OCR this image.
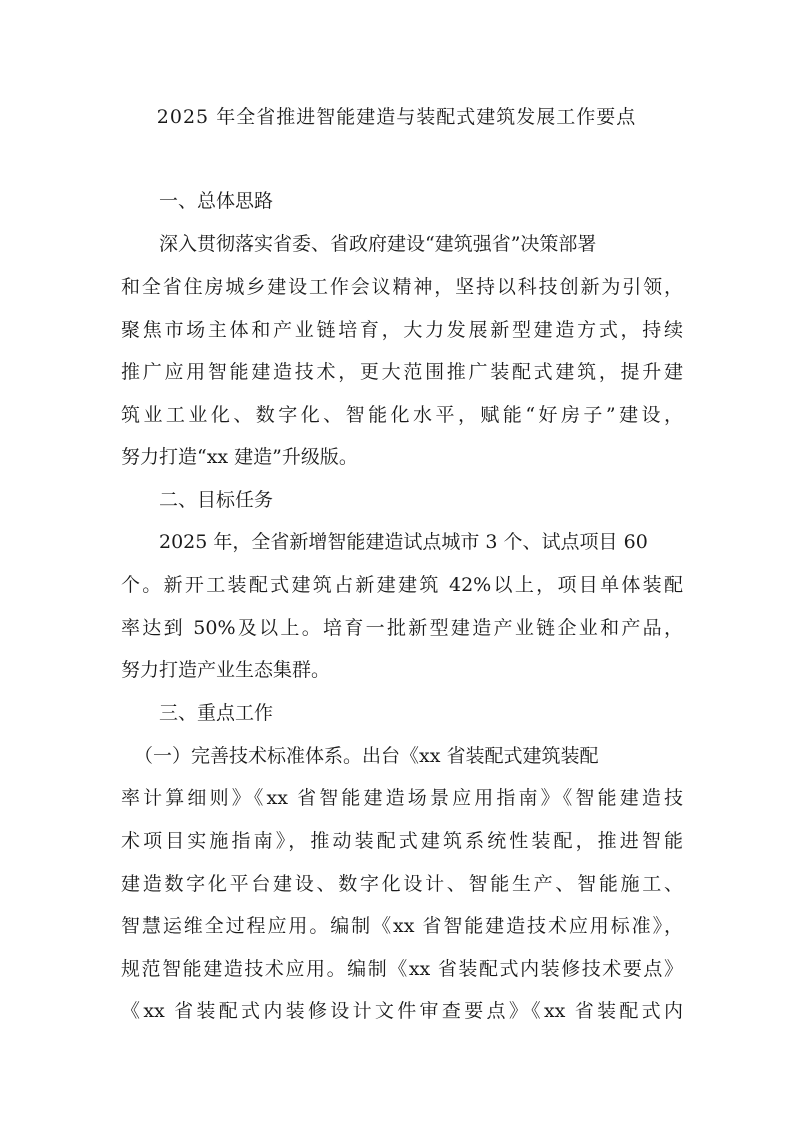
2025 年全省推进智能建造与装配式建筑发展工作要点
一、总体思路
深入贯彻落实省委、省政府建设“建筑强省”决策部署
和全省住房城乡建设工作会议精神，坚持以科技创新为引领，
聚焦市场主体和产业链培育，大力发展新型建造方式，持续
推广应用智能建造技术，更大范围推广装配式建筑，提升建
筑业工业化、数字化、智能化水平，赋能“好房子”建设，
努力打造“xx 建造”升级版。
二、目标任务
2025 年，全省新增智能建造试点城市 3 个、试点项目 60
个。新开工装配式建筑占新建建筑 42%以上，项目单体装配
率达到 50%及以上。培育一批新型建造产业链企业和产品，
努力打造产业生态集群。
三、重点工作
（一）完善技术标准体系。出台《xx 省装配式建筑装配
率计算细则》《xx 省智能建造场景应用指南》《智能建造技
术项目实施指南》，推动装配式建筑系统性装配，推进智能
建造数字化平台建设、数字化设计、智能生产、智能施工、
智慧运维全过程应用。编制《xx 省智能建造技术应用标准》，
规范智能建造技术应用。编制《xx 省装配式内装修技术要点》
《xx 省装配式内装修设计文件审查要点》《xx 省装配式内
